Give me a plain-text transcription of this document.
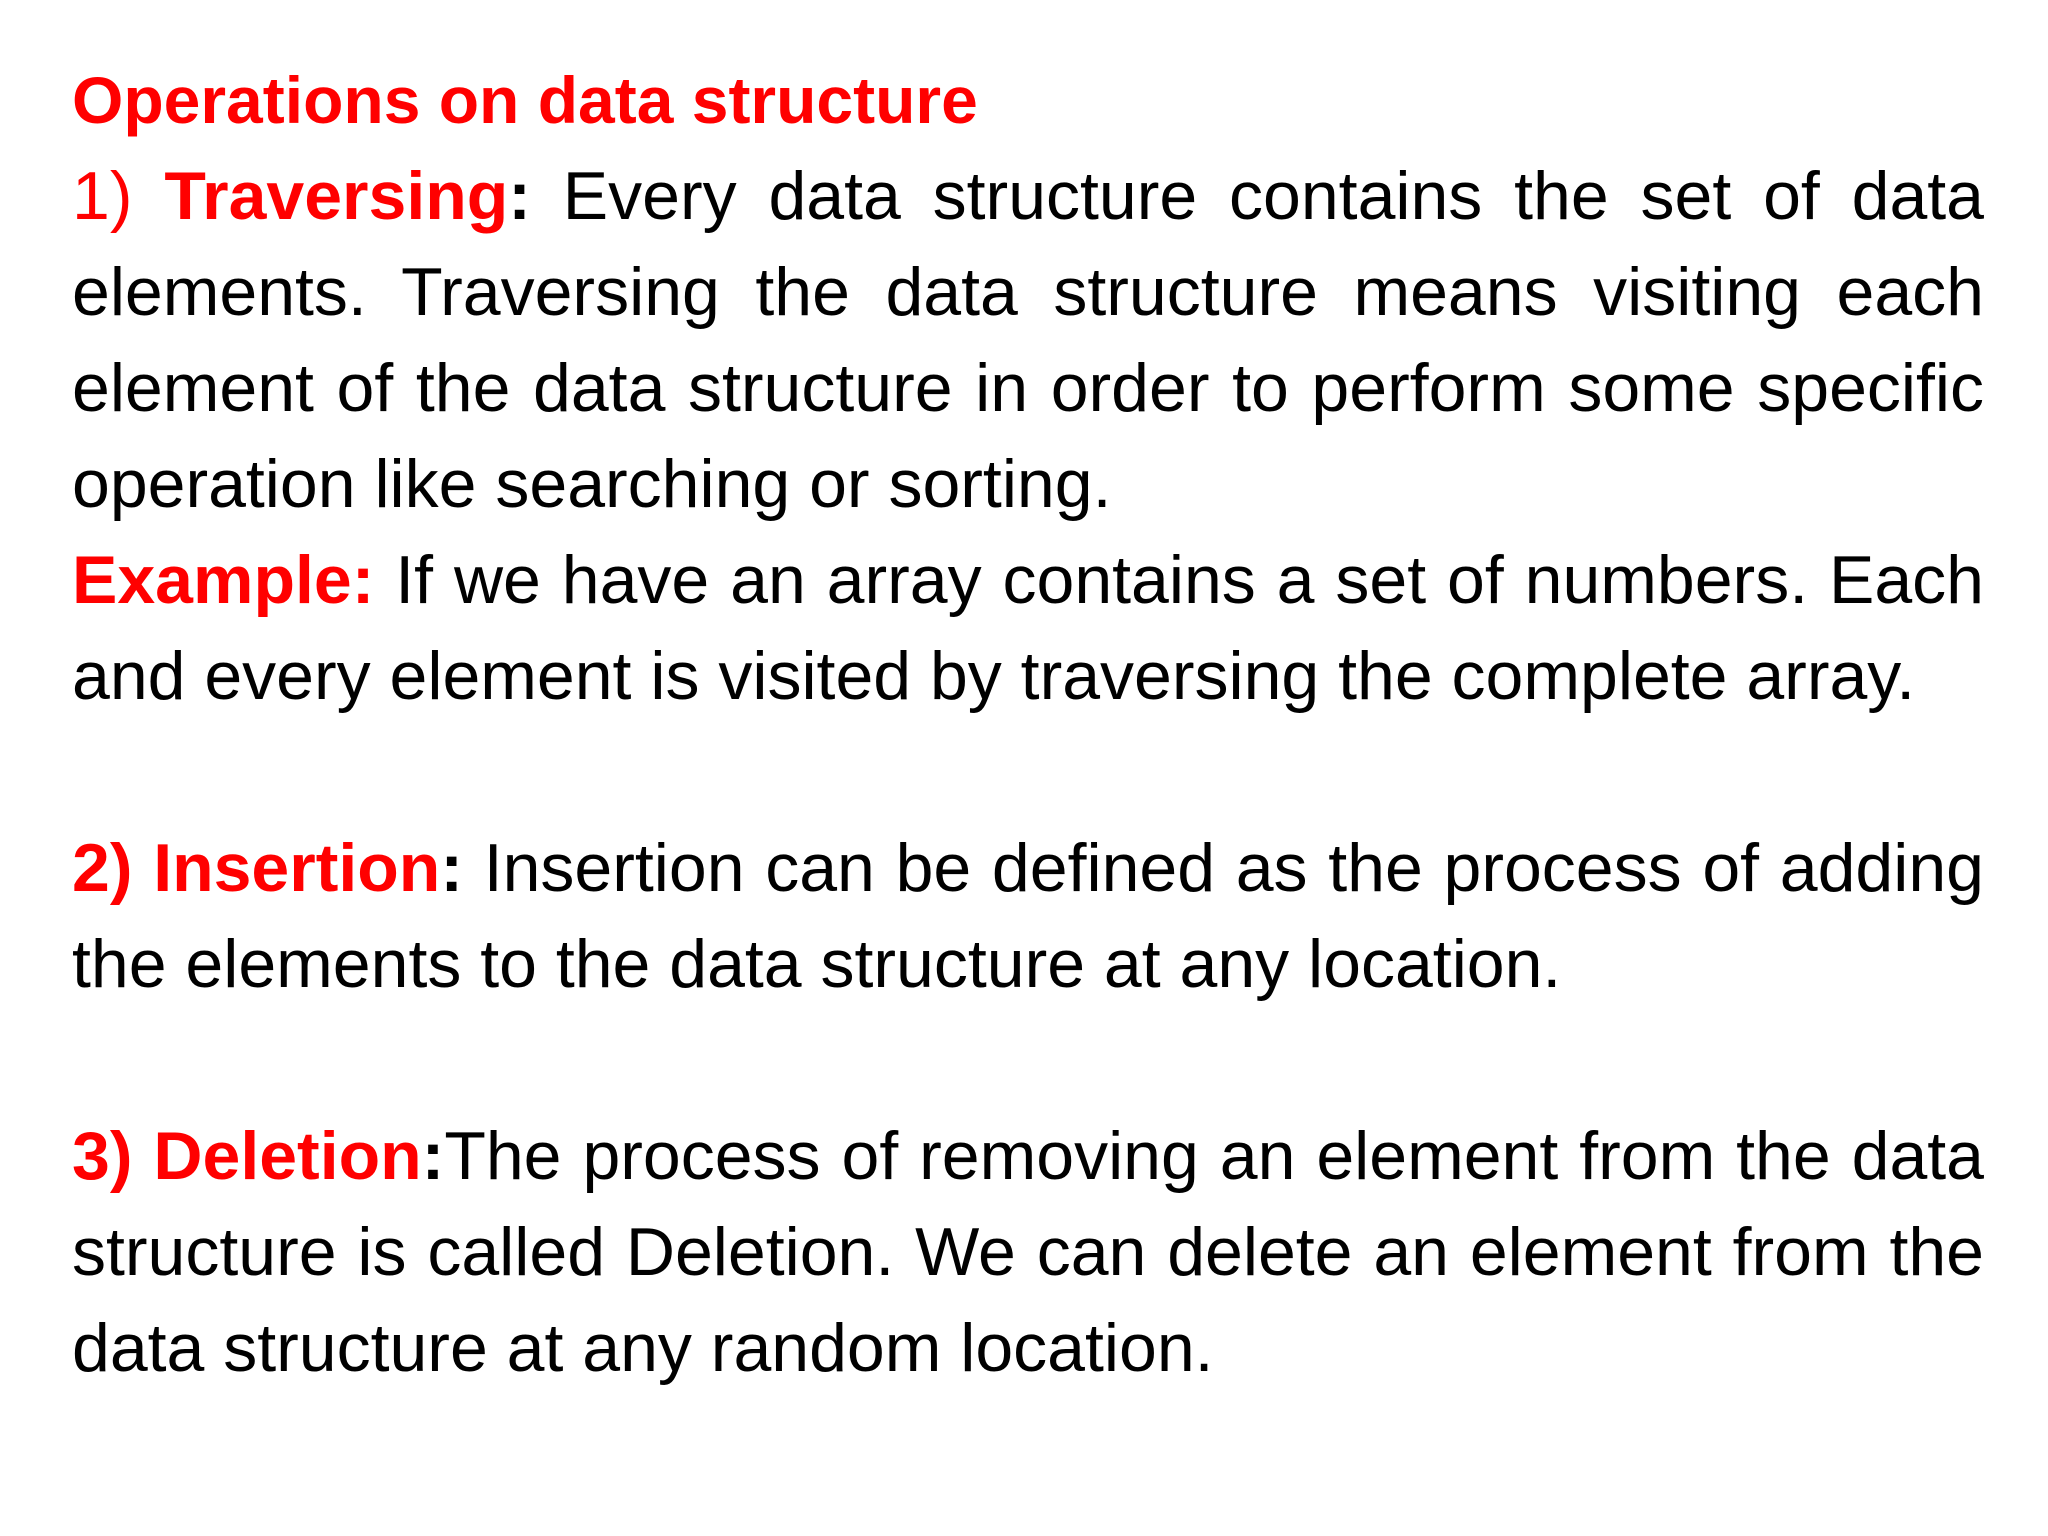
Operations on data structure

1) Traversing: Every data structure contains the set of data elements. Traversing the data structure means visiting each element of the data structure in order to perform some specific operation like searching or sorting.

Example: If we have an array contains a set of numbers. Each and every element is visited by traversing the complete array.

2) Insertion: Insertion can be defined as the process of adding the elements to the data structure at any location.

3) Deletion:The process of removing an element from the data structure is called Deletion. We can delete an element from the data structure at any random location.
